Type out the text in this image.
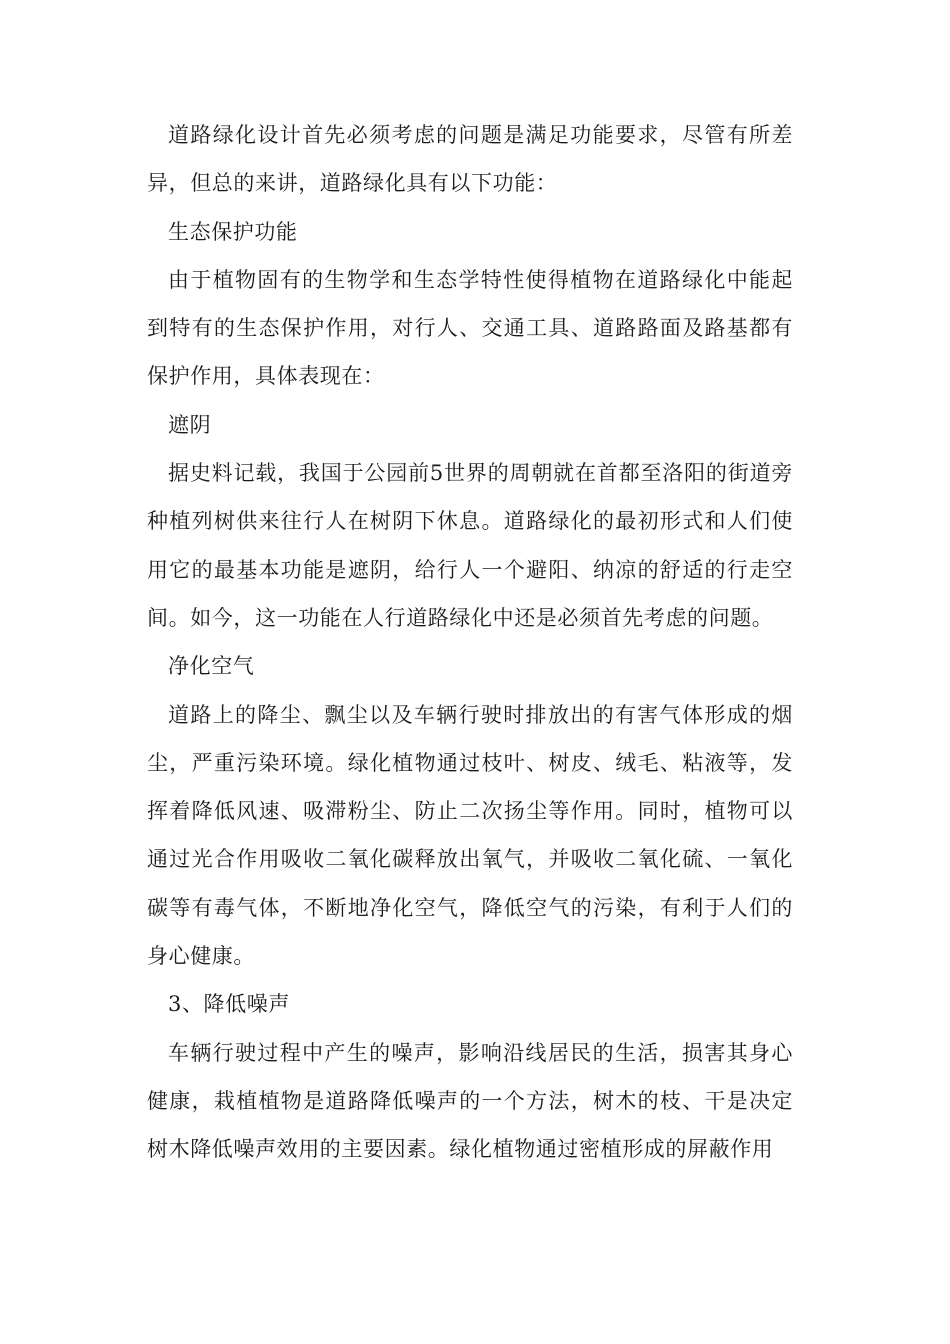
道路绿化设计首先必须考虑的问题是满足功能要求，尽管有所差异，但总的来讲，道路绿化具有以下功能：

生态保护功能

由于植物固有的生物学和生态学特性使得植物在道路绿化中能起到特有的生态保护作用，对行人、交通工具、道路路面及路基都有保护作用，具体表现在：

遮阴

据史料记载，我国于公园前5世界的周朝就在首都至洛阳的街道旁种植列树供来往行人在树阴下休息。道路绿化的最初形式和人们使用它的最基本功能是遮阴，给行人一个避阳、纳凉的舒适的行走空间。如今，这一功能在人行道路绿化中还是必须首先考虑的问题。

净化空气

道路上的降尘、飘尘以及车辆行驶时排放出的有害气体形成的烟尘，严重污染环境。绿化植物通过枝叶、树皮、绒毛、粘液等，发挥着降低风速、吸滞粉尘、防止二次扬尘等作用。同时，植物可以通过光合作用吸收二氧化碳释放出氧气，并吸收二氧化硫、一氧化碳等有毒气体，不断地净化空气，降低空气的污染，有利于人们的身心健康。

3、降低噪声

车辆行驶过程中产生的噪声，影响沿线居民的生活，损害其身心健康，栽植植物是道路降低噪声的一个方法，树木的枝、干是决定树木降低噪声效用的主要因素。绿化植物通过密植形成的屏蔽作用
